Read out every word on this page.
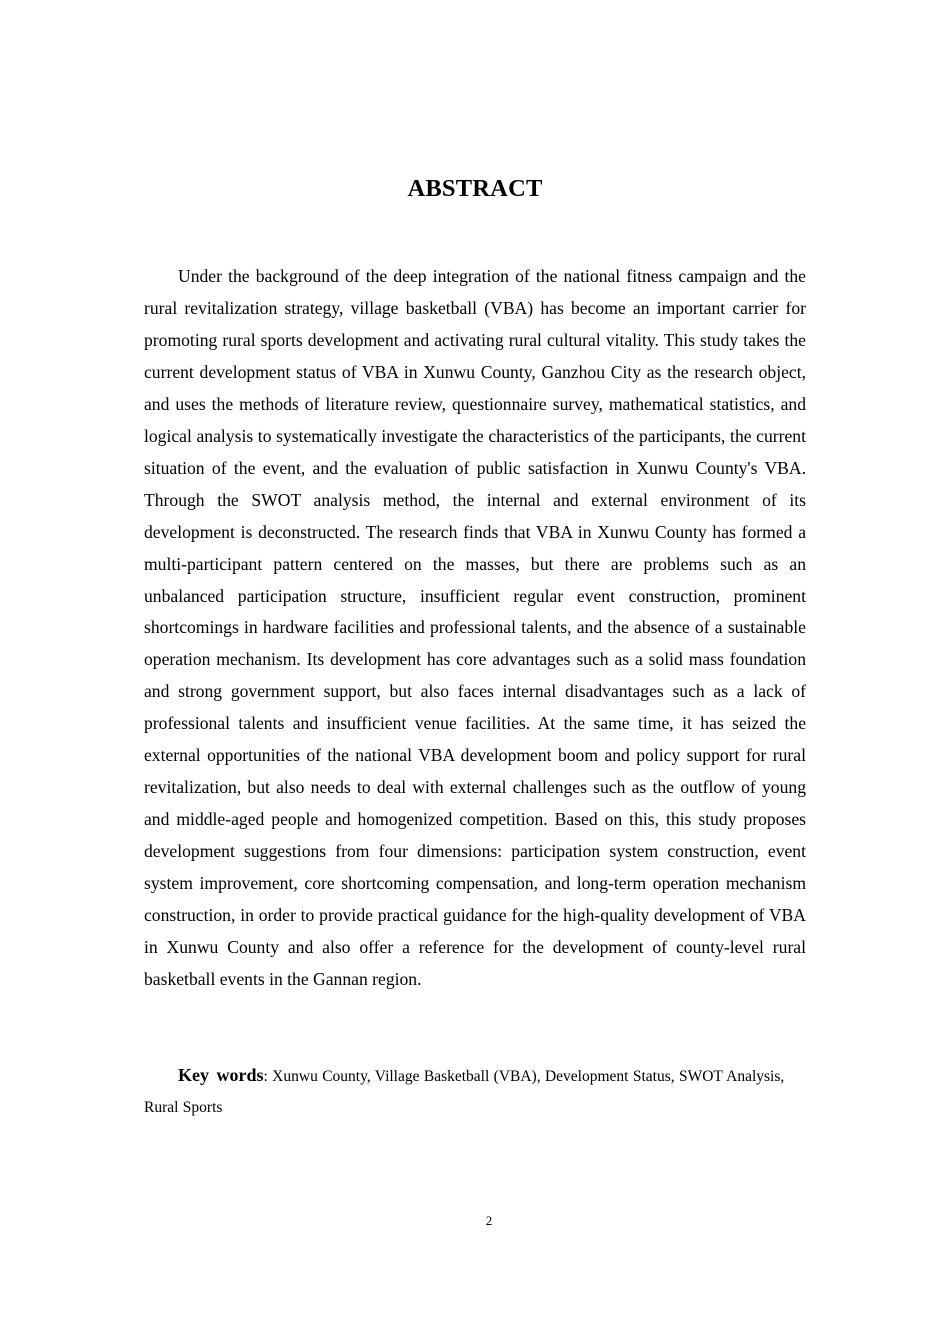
ABSTRACT

Under the background of the deep integration of the national fitness campaign and the rural revitalization strategy, village basketball (VBA) has become an important carrier for promoting rural sports development and activating rural cultural vitality. This study takes the current development status of VBA in Xunwu County, Ganzhou City as the research object, and uses the methods of literature review, questionnaire survey, mathematical statistics, and logical analysis to systematically investigate the characteristics of the participants, the current situation of the event, and the evaluation of public satisfaction in Xunwu County's VBA. Through the SWOT analysis method, the internal and external environment of its development is deconstructed. The research finds that VBA in Xunwu County has formed a multi-participant pattern centered on the masses, but there are problems such as an unbalanced participation structure, insufficient regular event construction, prominent shortcomings in hardware facilities and professional talents, and the absence of a sustainable operation mechanism. Its development has core advantages such as a solid mass foundation and strong government support, but also faces internal disadvantages such as a lack of professional talents and insufficient venue facilities. At the same time, it has seized the external opportunities of the national VBA development boom and policy support for rural revitalization, but also needs to deal with external challenges such as the outflow of young and middle-aged people and homogenized competition. Based on this, this study proposes development suggestions from four dimensions: participation system construction, event system improvement, core shortcoming compensation, and long-term operation mechanism construction, in order to provide practical guidance for the high-quality development of VBA in Xunwu County and also offer a reference for the development of county-level rural basketball events in the Gannan region.

Key words: Xunwu County, Village Basketball (VBA), Development Status, SWOT Analysis, Rural Sports

2
